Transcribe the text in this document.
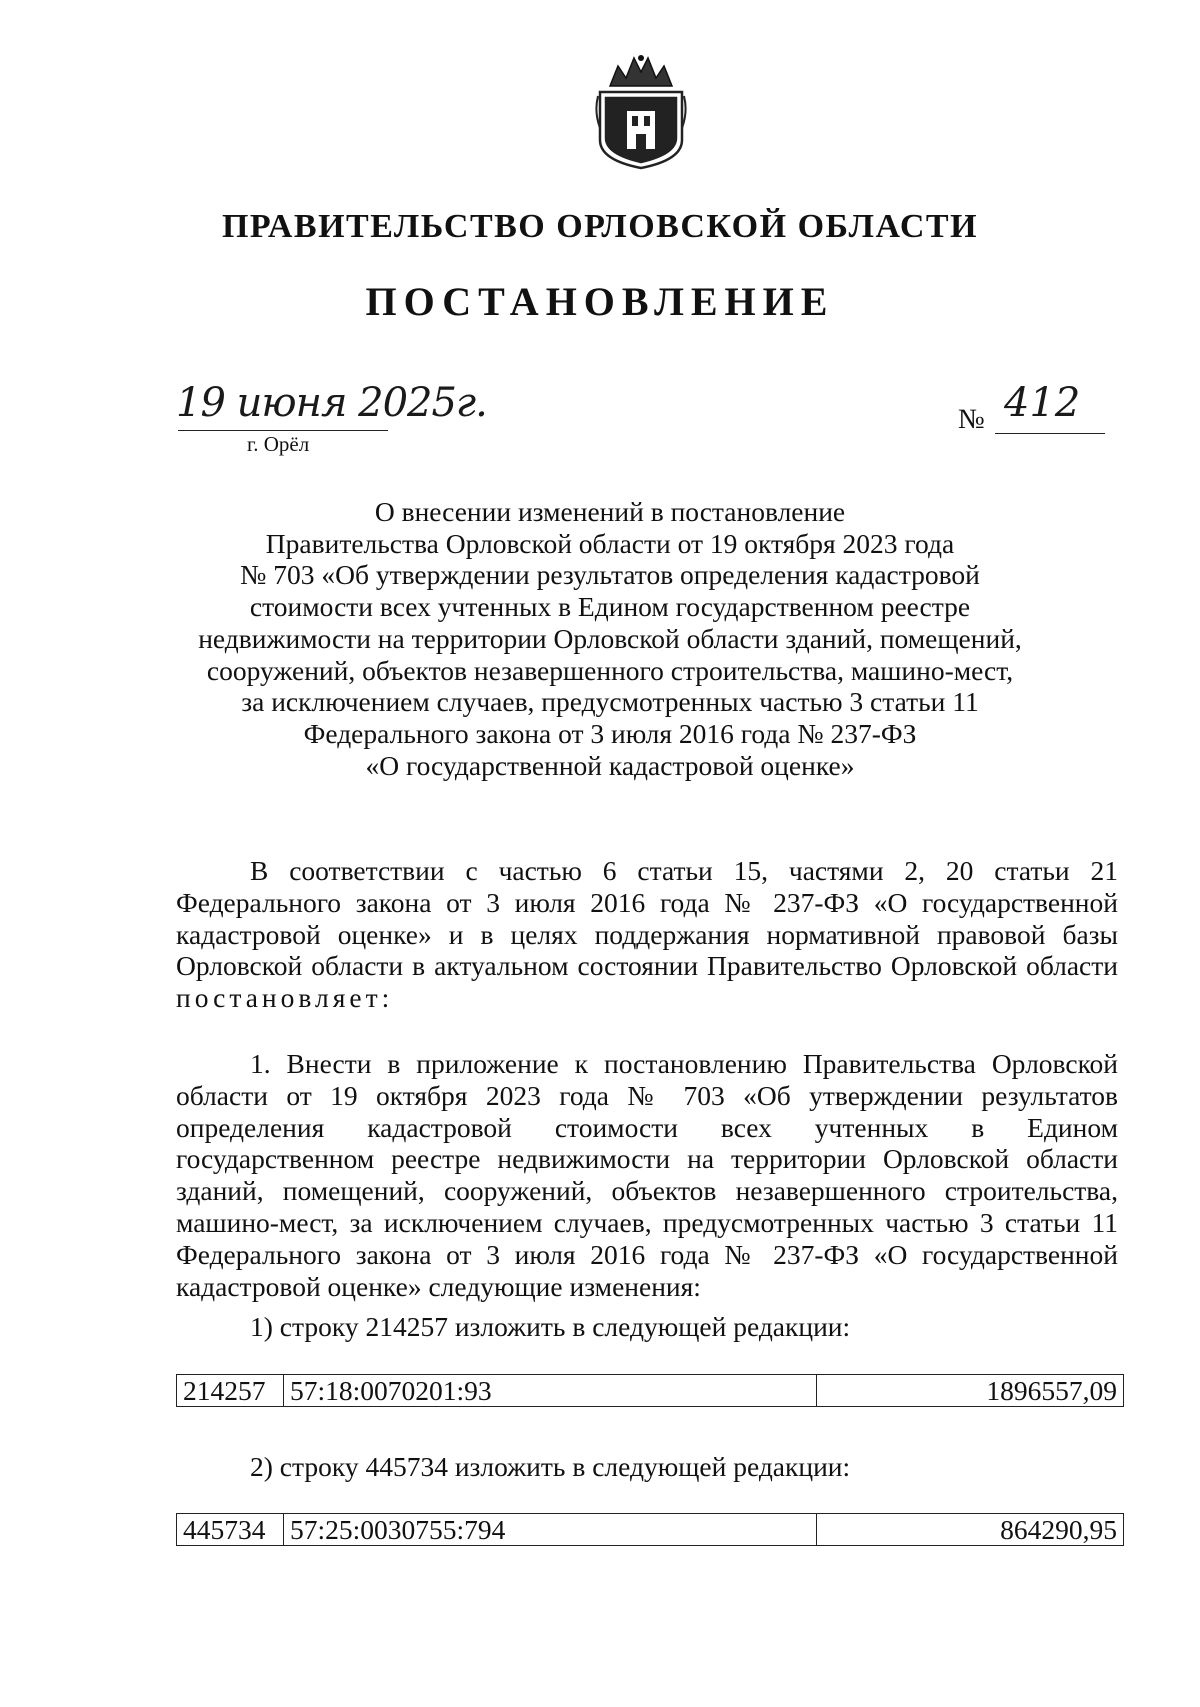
ПРАВИТЕЛЬСТВО ОРЛОВСКОЙ ОБЛАСТИ
ПОСТАНОВЛЕНИЕ
19 июня 2025г.
г. Орёл
№ 412
О внесении изменений в постановление
Правительства Орловской области от 19 октября 2023 года
№ 703 «Об утверждении результатов определения кадастровой
стоимости всех учтенных в Едином государственном реестре
недвижимости на территории Орловской области зданий, помещений,
сооружений, объектов незавершенного строительства, машино-мест,
за исключением случаев, предусмотренных частью 3 статьи 11
Федерального закона от 3 июля 2016 года № 237-ФЗ
«О государственной кадастровой оценке»
В соответствии с частью 6 статьи 15, частями 2, 20 статьи 21
Федерального закона от 3 июля 2016 года № 237-ФЗ «О государственной
кадастровой оценке» и в целях поддержания нормативной правовой базы
Орловской области в актуальном состоянии Правительство Орловской области
постановляет:
1. Внести в приложение к постановлению Правительства Орловской
области от 19 октября 2023 года № 703 «Об утверждении результатов
определения кадастровой стоимости всех учтенных в Едином
государственном реестре недвижимости на территории Орловской области
зданий, помещений, сооружений, объектов незавершенного строительства,
машино-мест, за исключением случаев, предусмотренных частью 3 статьи 11
Федерального закона от 3 июля 2016 года № 237-ФЗ «О государственной
кадастровой оценке» следующие изменения:
1) строку 214257 изложить в следующей редакции:
214257	57:18:0070201:93	1896557,09
2) строку 445734 изложить в следующей редакции:
445734	57:25:0030755:794	864290,95
